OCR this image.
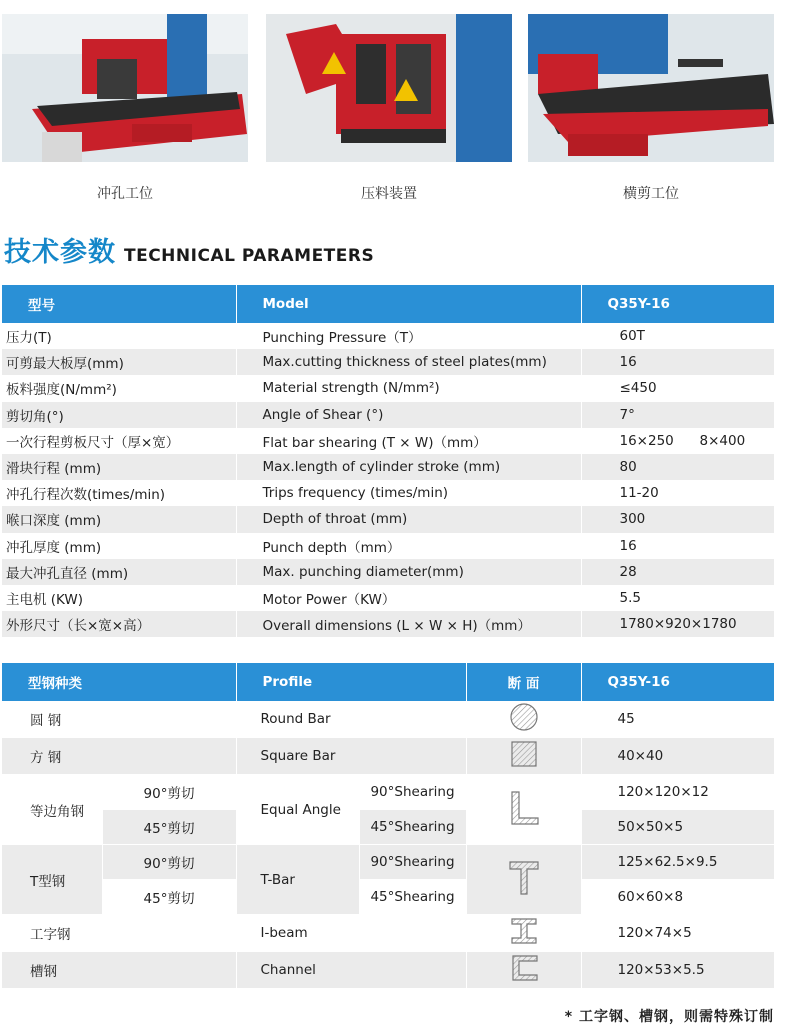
冲孔工位	压料装置	横剪工位
技术参数 TECHNICAL PARAMETERS
型号	Model	Q35Y-16
压力(T)	Punching Pressure（T）	60T
可剪最大板厚(mm)	Max.cutting thickness of steel plates(mm)	16
板料强度(N/mm²)	Material strength (N/mm²)	≤450
剪切角(°)	Angle of Shear (°)	7°
一次行程剪板尺寸（厚×宽）	Flat bar shearing (T × W)（mm）	16×250      8×400
滑块行程 (mm)	Max.length of cylinder stroke (mm)	80
冲孔行程次数(times/min)	Trips frequency (times/min)	11-20
喉口深度 (mm)	Depth of throat (mm)	300
冲孔厚度 (mm)	Punch depth（mm）	16
最大冲孔直径 (mm)	Max. punching diameter(mm)	28
主电机 (KW)	Motor Power（KW）	5.5
外形尺寸（长×宽×高）	Overall dimensions (L × W × H)（mm）	1780×920×1780
型钢种类		Profile		断 面	Q35Y-16
圆 钢		Round Bar			45
方 钢		Square Bar			40×40
等边角钢	90°剪切	Equal Angle	90°Shearing		120×120×12
	45°剪切		45°Shearing		50×50×5
T型钢	90°剪切	T-Bar	90°Shearing		125×62.5×9.5
	45°剪切		45°Shearing		60×60×8
工字钢		I-beam			120×74×5
槽钢		Channel			120×53×5.5
* 工字钢、槽钢，则需特殊订制
